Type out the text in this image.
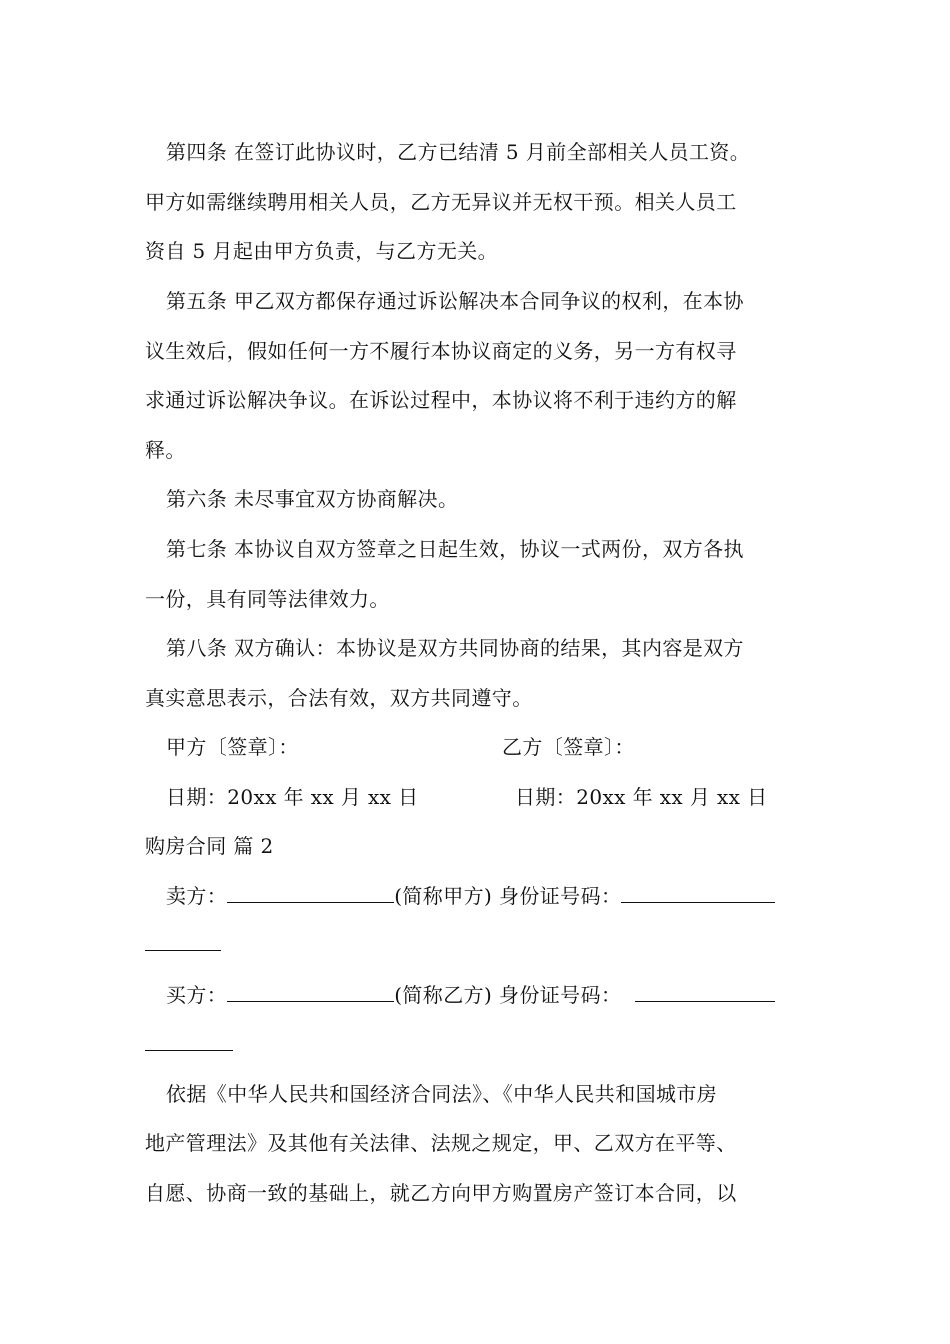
第四条 在签订此协议时，乙方已结清 5 月前全部相关人员工资。
甲方如需继续聘用相关人员，乙方无异议并无权干预。相关人员工
资自 5 月起由甲方负责，与乙方无关。
第五条 甲乙双方都保存通过诉讼解决本合同争议的权利，在本协
议生效后，假如任何一方不履行本协议商定的义务，另一方有权寻
求通过诉讼解决争议。在诉讼过程中，本协议将不利于违约方的解
释。
第六条 未尽事宜双方协商解决。
第七条 本协议自双方签章之日起生效，协议一式两份，双方各执
一份，具有同等法律效力。
第八条 双方确认：本协议是双方共同协商的结果，其内容是双方
真实意思表示，合法有效，双方共同遵守。
甲方〔签章〕：	乙方〔签章〕：
日期：20xx 年 xx 月 xx 日	日期：20xx 年 xx 月 xx 日
购房合同 篇 2
卖方：	(简称甲方) 身份证号码：
买方：	(简称乙方) 身份证号码：
依据《中华人民共和国经济合同法》、《中华人民共和国城市房
地产管理法》及其他有关法律、法规之规定，甲、乙双方在平等、
自愿、协商一致的基础上，就乙方向甲方购置房产签订本合同，以
